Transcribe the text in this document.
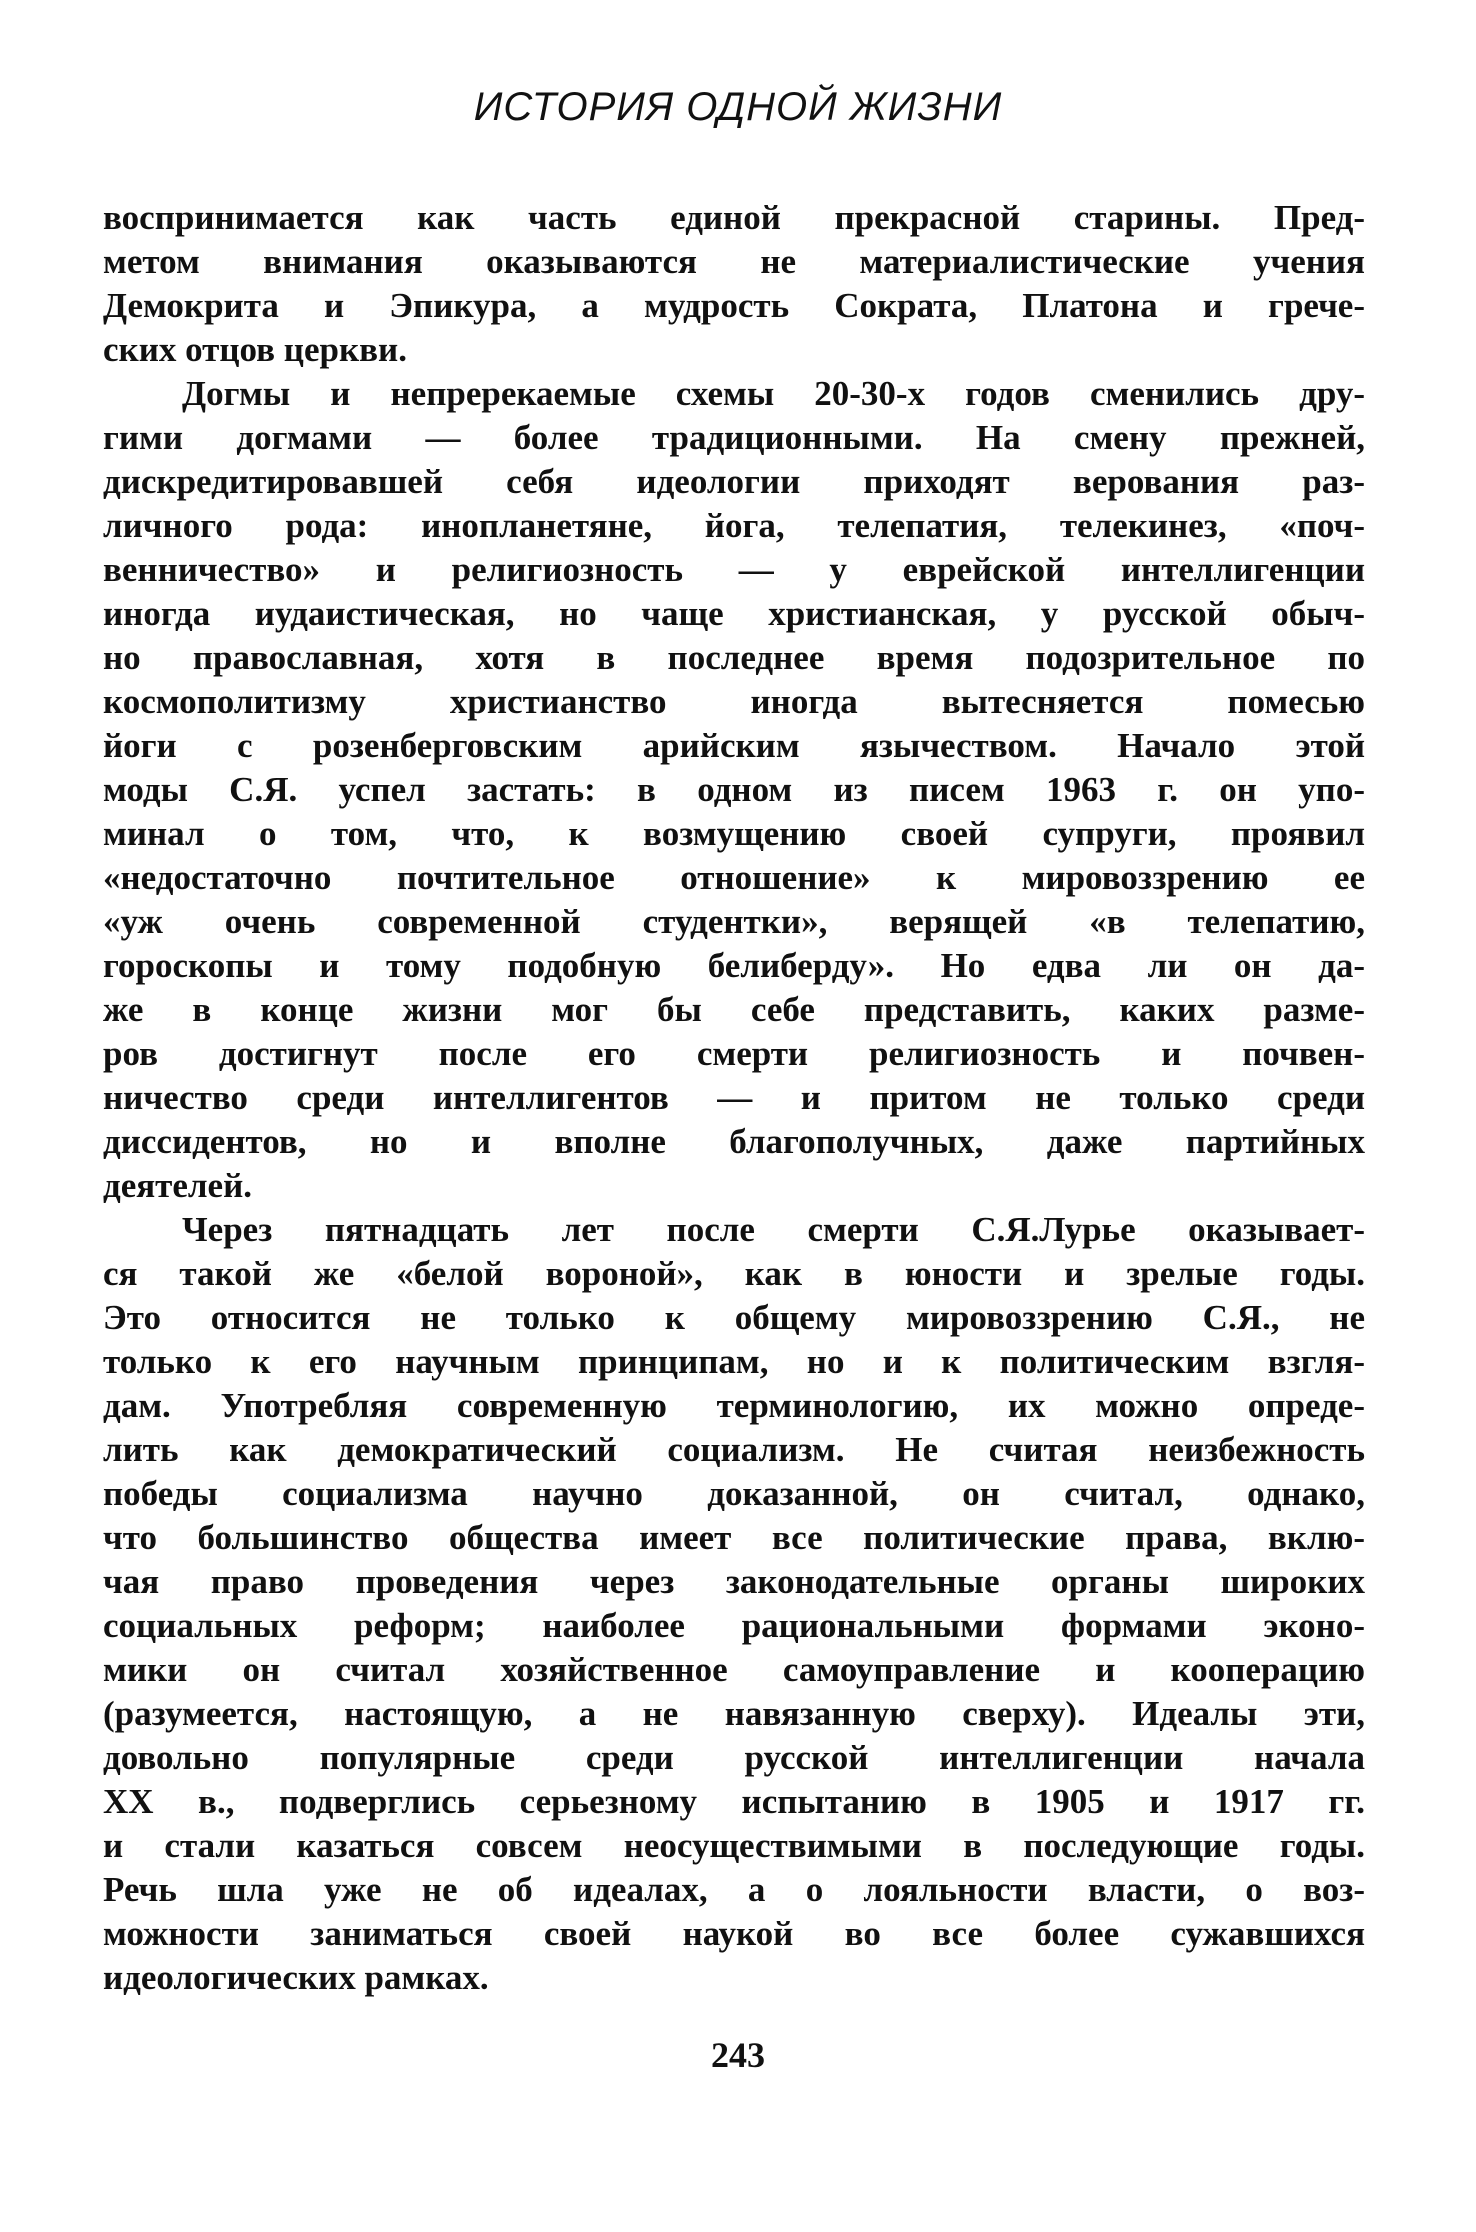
ИСТОРИЯ ОДНОЙ ЖИЗНИ
воспринимается как часть единой прекрасной старины. Пред-
метом внимания оказываются не материалистические учения
Демокрита и Эпикура, а мудрость Сократа, Платона и грече-
ских отцов церкви.
Догмы и непререкаемые схемы 20-30-х годов сменились дру-
гими догмами — более традиционными. На смену прежней,
дискредитировавшей себя идеологии приходят верования раз-
личного рода: инопланетяне, йога, телепатия, телекинез, «поч-
венничество» и религиозность — у еврейской интеллигенции
иногда иудаистическая, но чаще христианская, у русской обыч-
но православная, хотя в последнее время подозрительное по
космополитизму христианство иногда вытесняется помесью
йоги с розенберговским арийским язычеством. Начало этой
моды С.Я. успел застать: в одном из писем 1963 г. он упо-
минал о том, что, к возмущению своей супруги, проявил
«недостаточно почтительное отношение» к мировоззрению ее
«уж очень современной студентки», верящей «в телепатию,
гороскопы и тому подобную белиберду». Но едва ли он да-
же в конце жизни мог бы себе представить, каких разме-
ров достигнут после его смерти религиозность и почвен-
ничество среди интеллигентов — и притом не только среди
диссидентов, но и вполне благополучных, даже партийных
деятелей.
Через пятнадцать лет после смерти С.Я.Лурье оказывает-
ся такой же «белой вороной», как в юности и зрелые годы.
Это относится не только к общему мировоззрению С.Я., не
только к его научным принципам, но и к политическим взгля-
дам. Употребляя современную терминологию, их можно опреде-
лить как демократический социализм. Не считая неизбежность
победы социализма научно доказанной, он считал, однако,
что большинство общества имеет все политические права, вклю-
чая право проведения через законодательные органы широких
социальных реформ; наиболее рациональными формами эконо-
мики он считал хозяйственное самоуправление и кооперацию
(разумеется, настоящую, а не навязанную сверху). Идеалы эти,
довольно популярные среди русской интеллигенции начала
XX в., подверглись серьезному испытанию в 1905 и 1917 гг.
и стали казаться совсем неосуществимыми в последующие годы.
Речь шла уже не об идеалах, а о лояльности власти, о воз-
можности заниматься своей наукой во все более сужавшихся
идеологических рамках.
243
